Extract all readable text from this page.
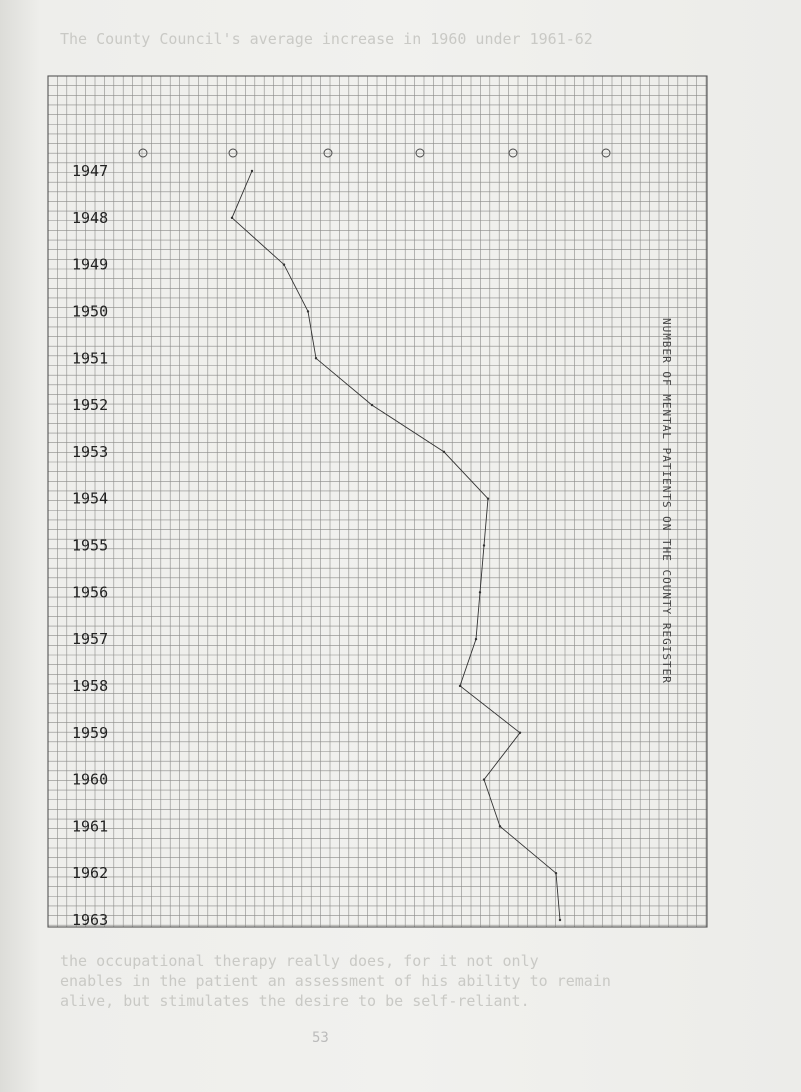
The County Council's average increase in 1960 under 1961-62
the occupational therapy really does, for it not only
enables in the patient an assessment of his ability to remain
alive, but stimulates the desire to be self-reliant.
1947
1948
1949
1950
1951
1952
1953
1954
1955
1956
1957
1958
1959
1960
1961
1962
1963
NUMBER OF MENTAL PATIENTS ON THE COUNTY REGISTER
53
